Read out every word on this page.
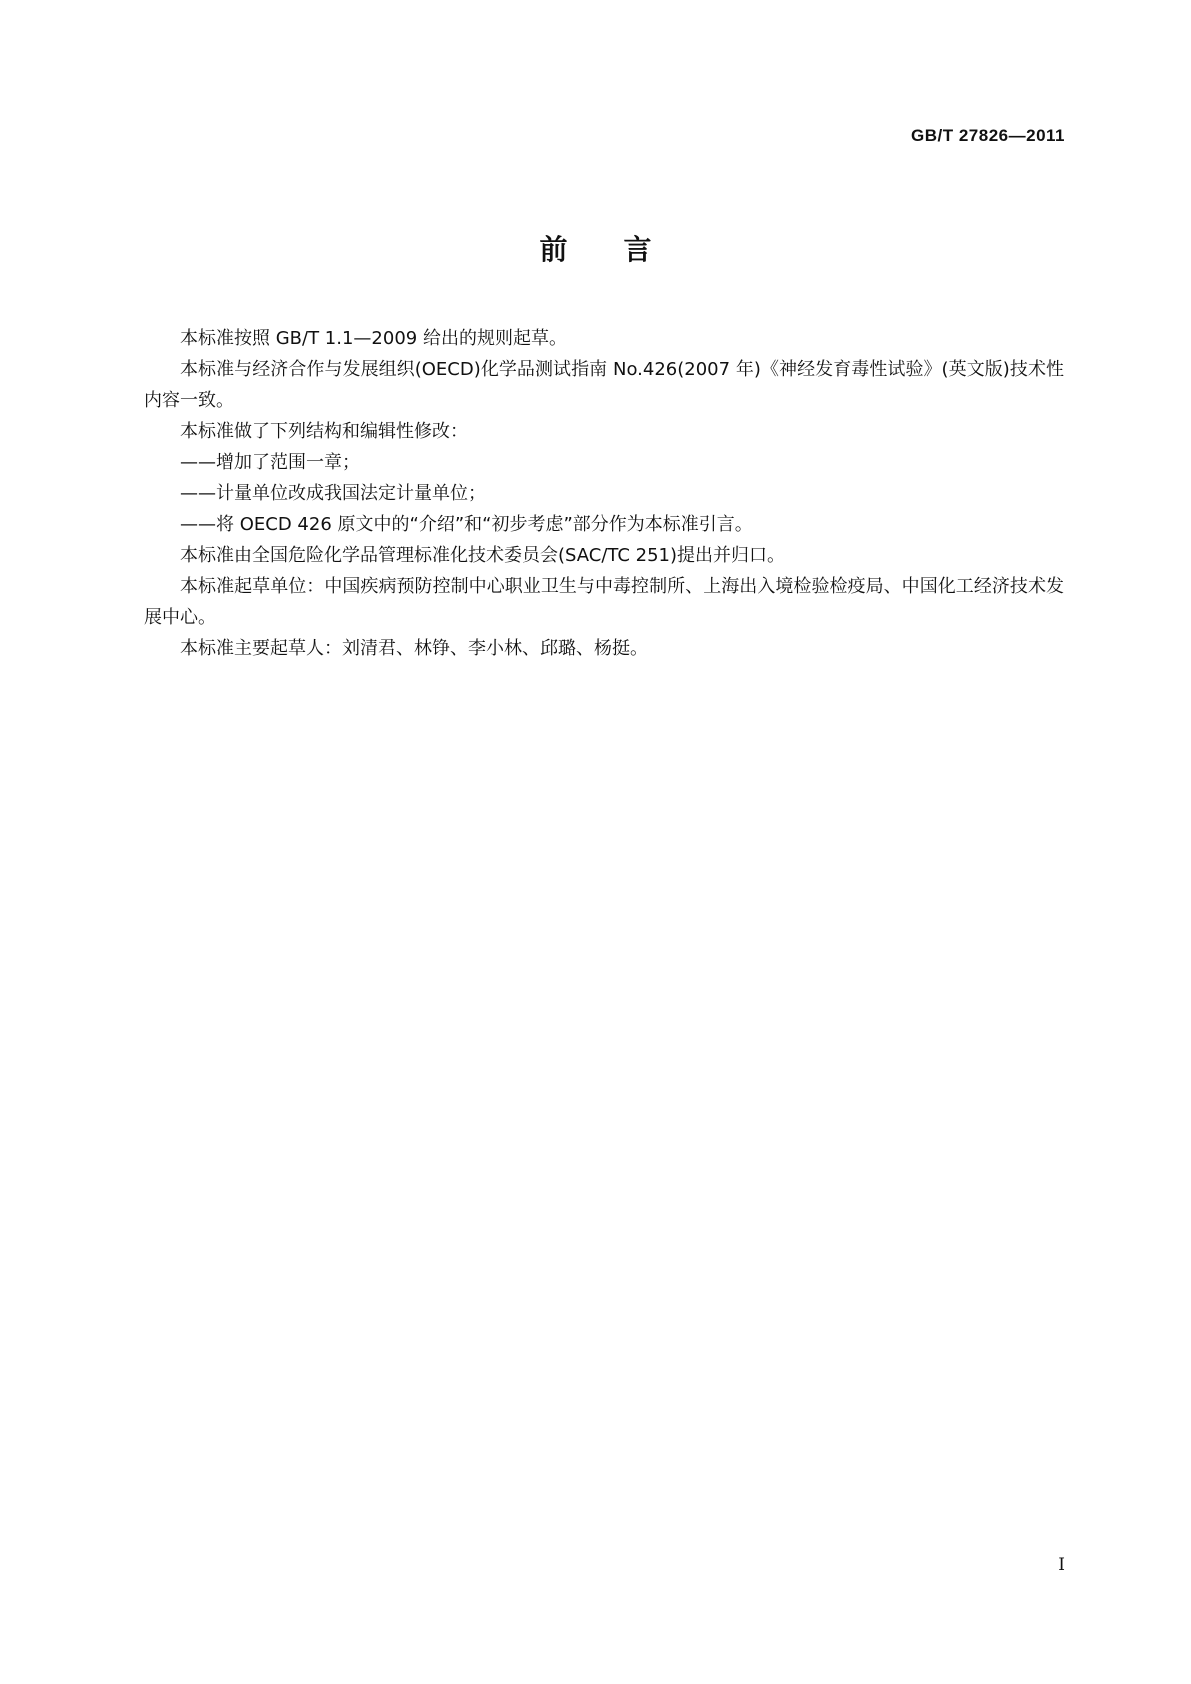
GB/T 27826—2011
前言

本标准按照 GB/T 1.1—2009 给出的规则起草。

本标准与经济合作与发展组织(OECD)化学品测试指南 No.426(2007 年)《神经发育毒性试验》(英文版)技术性内容一致。

本标准做了下列结构和编辑性修改：

——增加了范围一章；

——计量单位改成我国法定计量单位；

——将 OECD 426 原文中的“介绍”和“初步考虑”部分作为本标准引言。

本标准由全国危险化学品管理标准化技术委员会(SAC/TC 251)提出并归口。

本标准起草单位：中国疾病预防控制中心职业卫生与中毒控制所、上海出入境检验检疫局、中国化工经济技术发展中心。

本标准主要起草人：刘清君、林铮、李小林、邱璐、杨挺。

I
